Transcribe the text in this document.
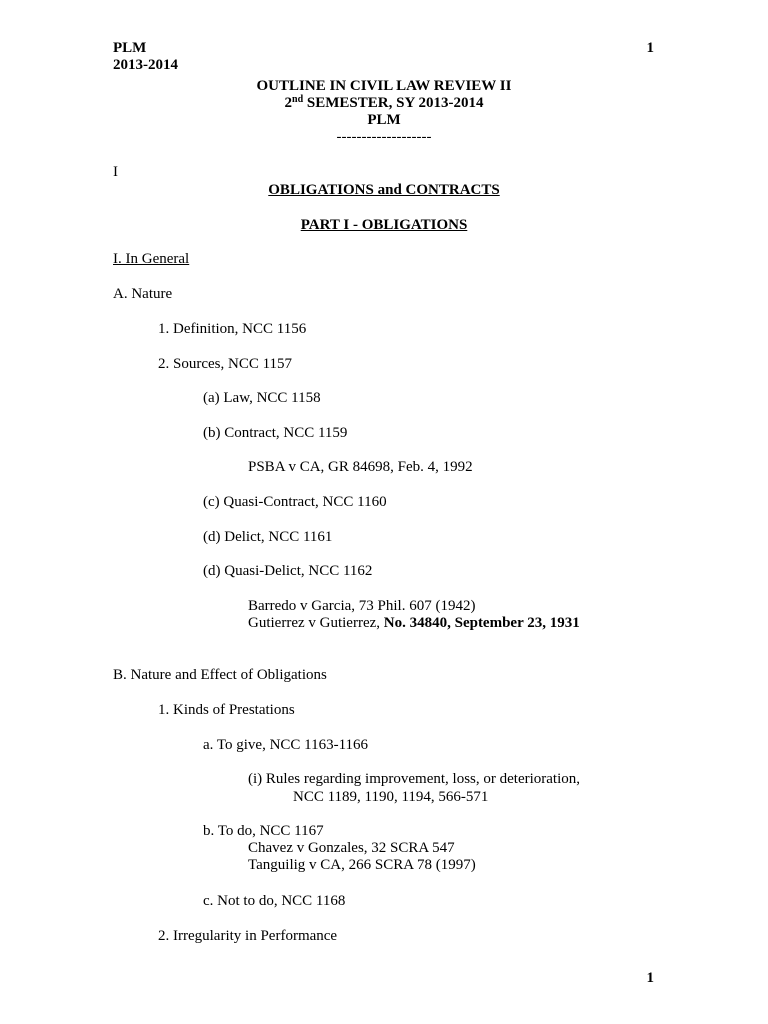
PLM
2013-2014
1
OUTLINE IN CIVIL LAW REVIEW II
2nd SEMESTER, SY 2013-2014
PLM
-------------------
I
OBLIGATIONS and CONTRACTS
PART I - OBLIGATIONS
I. In General
A. Nature
1. Definition, NCC 1156
2. Sources, NCC 1157
(a) Law, NCC 1158
(b) Contract, NCC 1159
PSBA v CA, GR 84698, Feb. 4, 1992
(c) Quasi-Contract, NCC 1160
(d) Delict, NCC 1161
(d) Quasi-Delict, NCC 1162
Barredo v Garcia, 73 Phil. 607 (1942)
Gutierrez v Gutierrez, No. 34840, September 23, 1931
B. Nature and Effect of Obligations
1. Kinds of Prestations
a. To give, NCC 1163-1166
(i) Rules regarding improvement, loss, or deterioration,
NCC 1189, 1190, 1194, 566-571
b. To do, NCC 1167
Chavez v Gonzales, 32 SCRA 547
Tanguilig v CA, 266 SCRA 78 (1997)
c. Not to do, NCC 1168
2. Irregularity in Performance
1
